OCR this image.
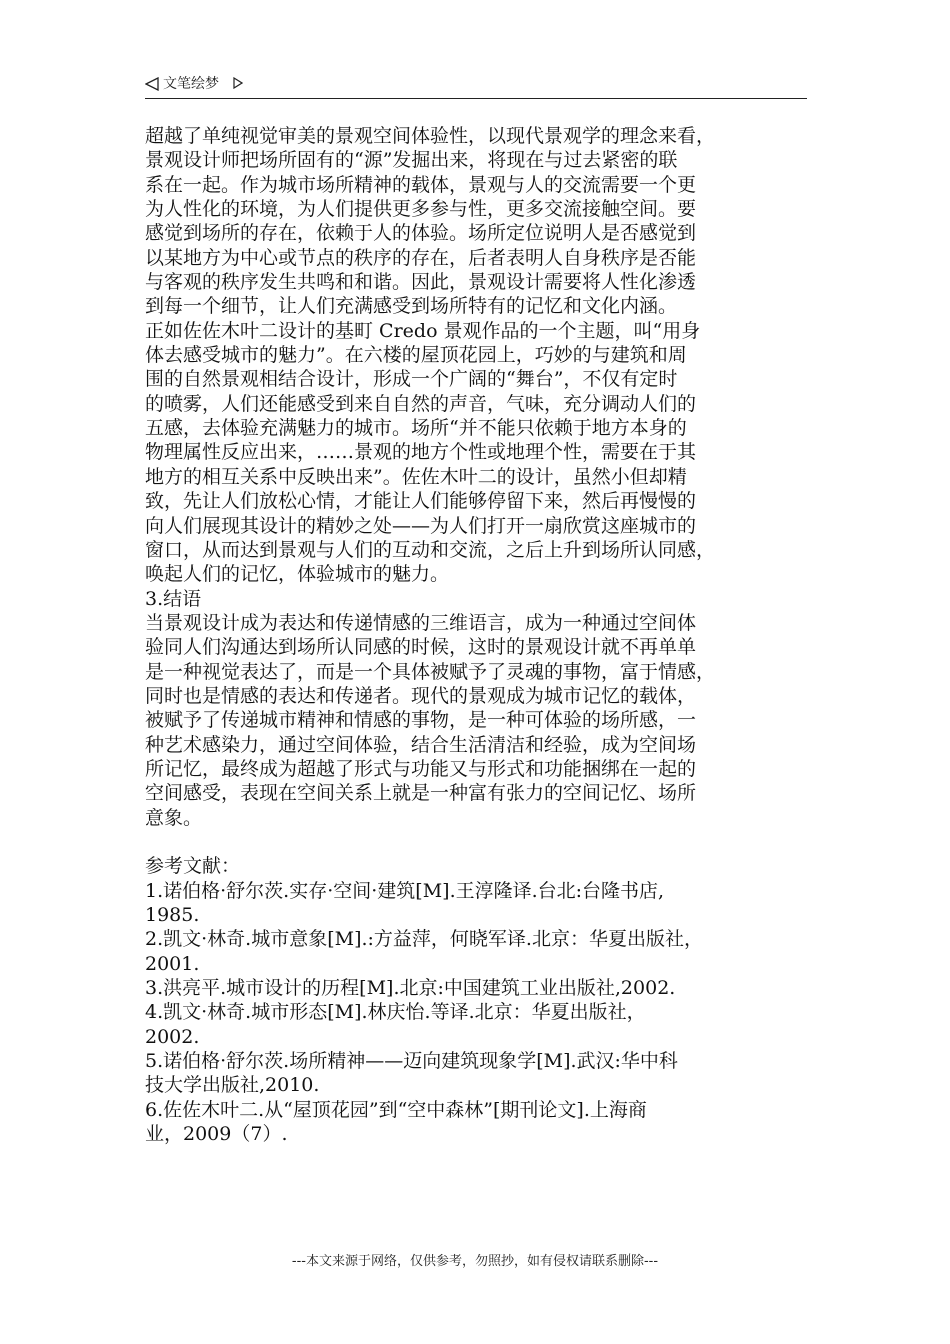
文笔绘梦
超越了单纯视觉审美的景观空间体验性，以现代景观学的理念来看，
景观设计师把场所固有的“源”发掘出来，将现在与过去紧密的联
系在一起。作为城市场所精神的载体，景观与人的交流需要一个更
为人性化的环境，为人们提供更多参与性，更多交流接触空间。要
感觉到场所的存在，依赖于人的体验。场所定位说明人是否感觉到
以某地方为中心或节点的秩序的存在，后者表明人自身秩序是否能
与客观的秩序发生共鸣和和谐。因此，景观设计需要将人性化渗透
到每一个细节，让人们充满感受到场所特有的记忆和文化内涵。
正如佐佐木叶二设计的基町 Credo 景观作品的一个主题，叫“用身
体去感受城市的魅力”。在六楼的屋顶花园上，巧妙的与建筑和周
围的自然景观相结合设计，形成一个广阔的“舞台”，不仅有定时
的喷雾，人们还能感受到来自自然的声音，气味，充分调动人们的
五感，去体验充满魅力的城市。场所“并不能只依赖于地方本身的
物理属性反应出来，……景观的地方个性或地理个性，需要在于其
地方的相互关系中反映出来”。佐佐木叶二的设计，虽然小但却精
致，先让人们放松心情，才能让人们能够停留下来，然后再慢慢的
向人们展现其设计的精妙之处——为人们打开一扇欣赏这座城市的
窗口，从而达到景观与人们的互动和交流，之后上升到场所认同感，
唤起人们的记忆，体验城市的魅力。
3.结语
当景观设计成为表达和传递情感的三维语言，成为一种通过空间体
验同人们沟通达到场所认同感的时候，这时的景观设计就不再单单
是一种视觉表达了，而是一个具体被赋予了灵魂的事物，富于情感，
同时也是情感的表达和传递者。现代的景观成为城市记忆的载体，
被赋予了传递城市精神和情感的事物，是一种可体验的场所感，一
种艺术感染力，通过空间体验，结合生活清洁和经验，成为空间场
所记忆，最终成为超越了形式与功能又与形式和功能捆绑在一起的
空间感受，表现在空间关系上就是一种富有张力的空间记忆、场所
意象。
参考文献：
1.诺伯格·舒尔茨.实存·空间·建筑[M].王淳隆译.台北:台隆书店,
1985.
2.凯文·林奇.城市意象[M].:方益萍，何晓军译.北京：华夏出版社，
2001.
3.洪亮平.城市设计的历程[M].北京:中国建筑工业出版社,2002.
4.凯文·林奇.城市形态[M].林庆怡.等译.北京：华夏出版社，
2002.
5.诺伯格·舒尔茨.场所精神——迈向建筑现象学[M].武汉:华中科
技大学出版社,2010.
6.佐佐木叶二.从“屋顶花园”到“空中森林”[期刊论文].上海商
业，2009（7）.
---本文来源于网络，仅供参考，勿照抄，如有侵权请联系删除---
